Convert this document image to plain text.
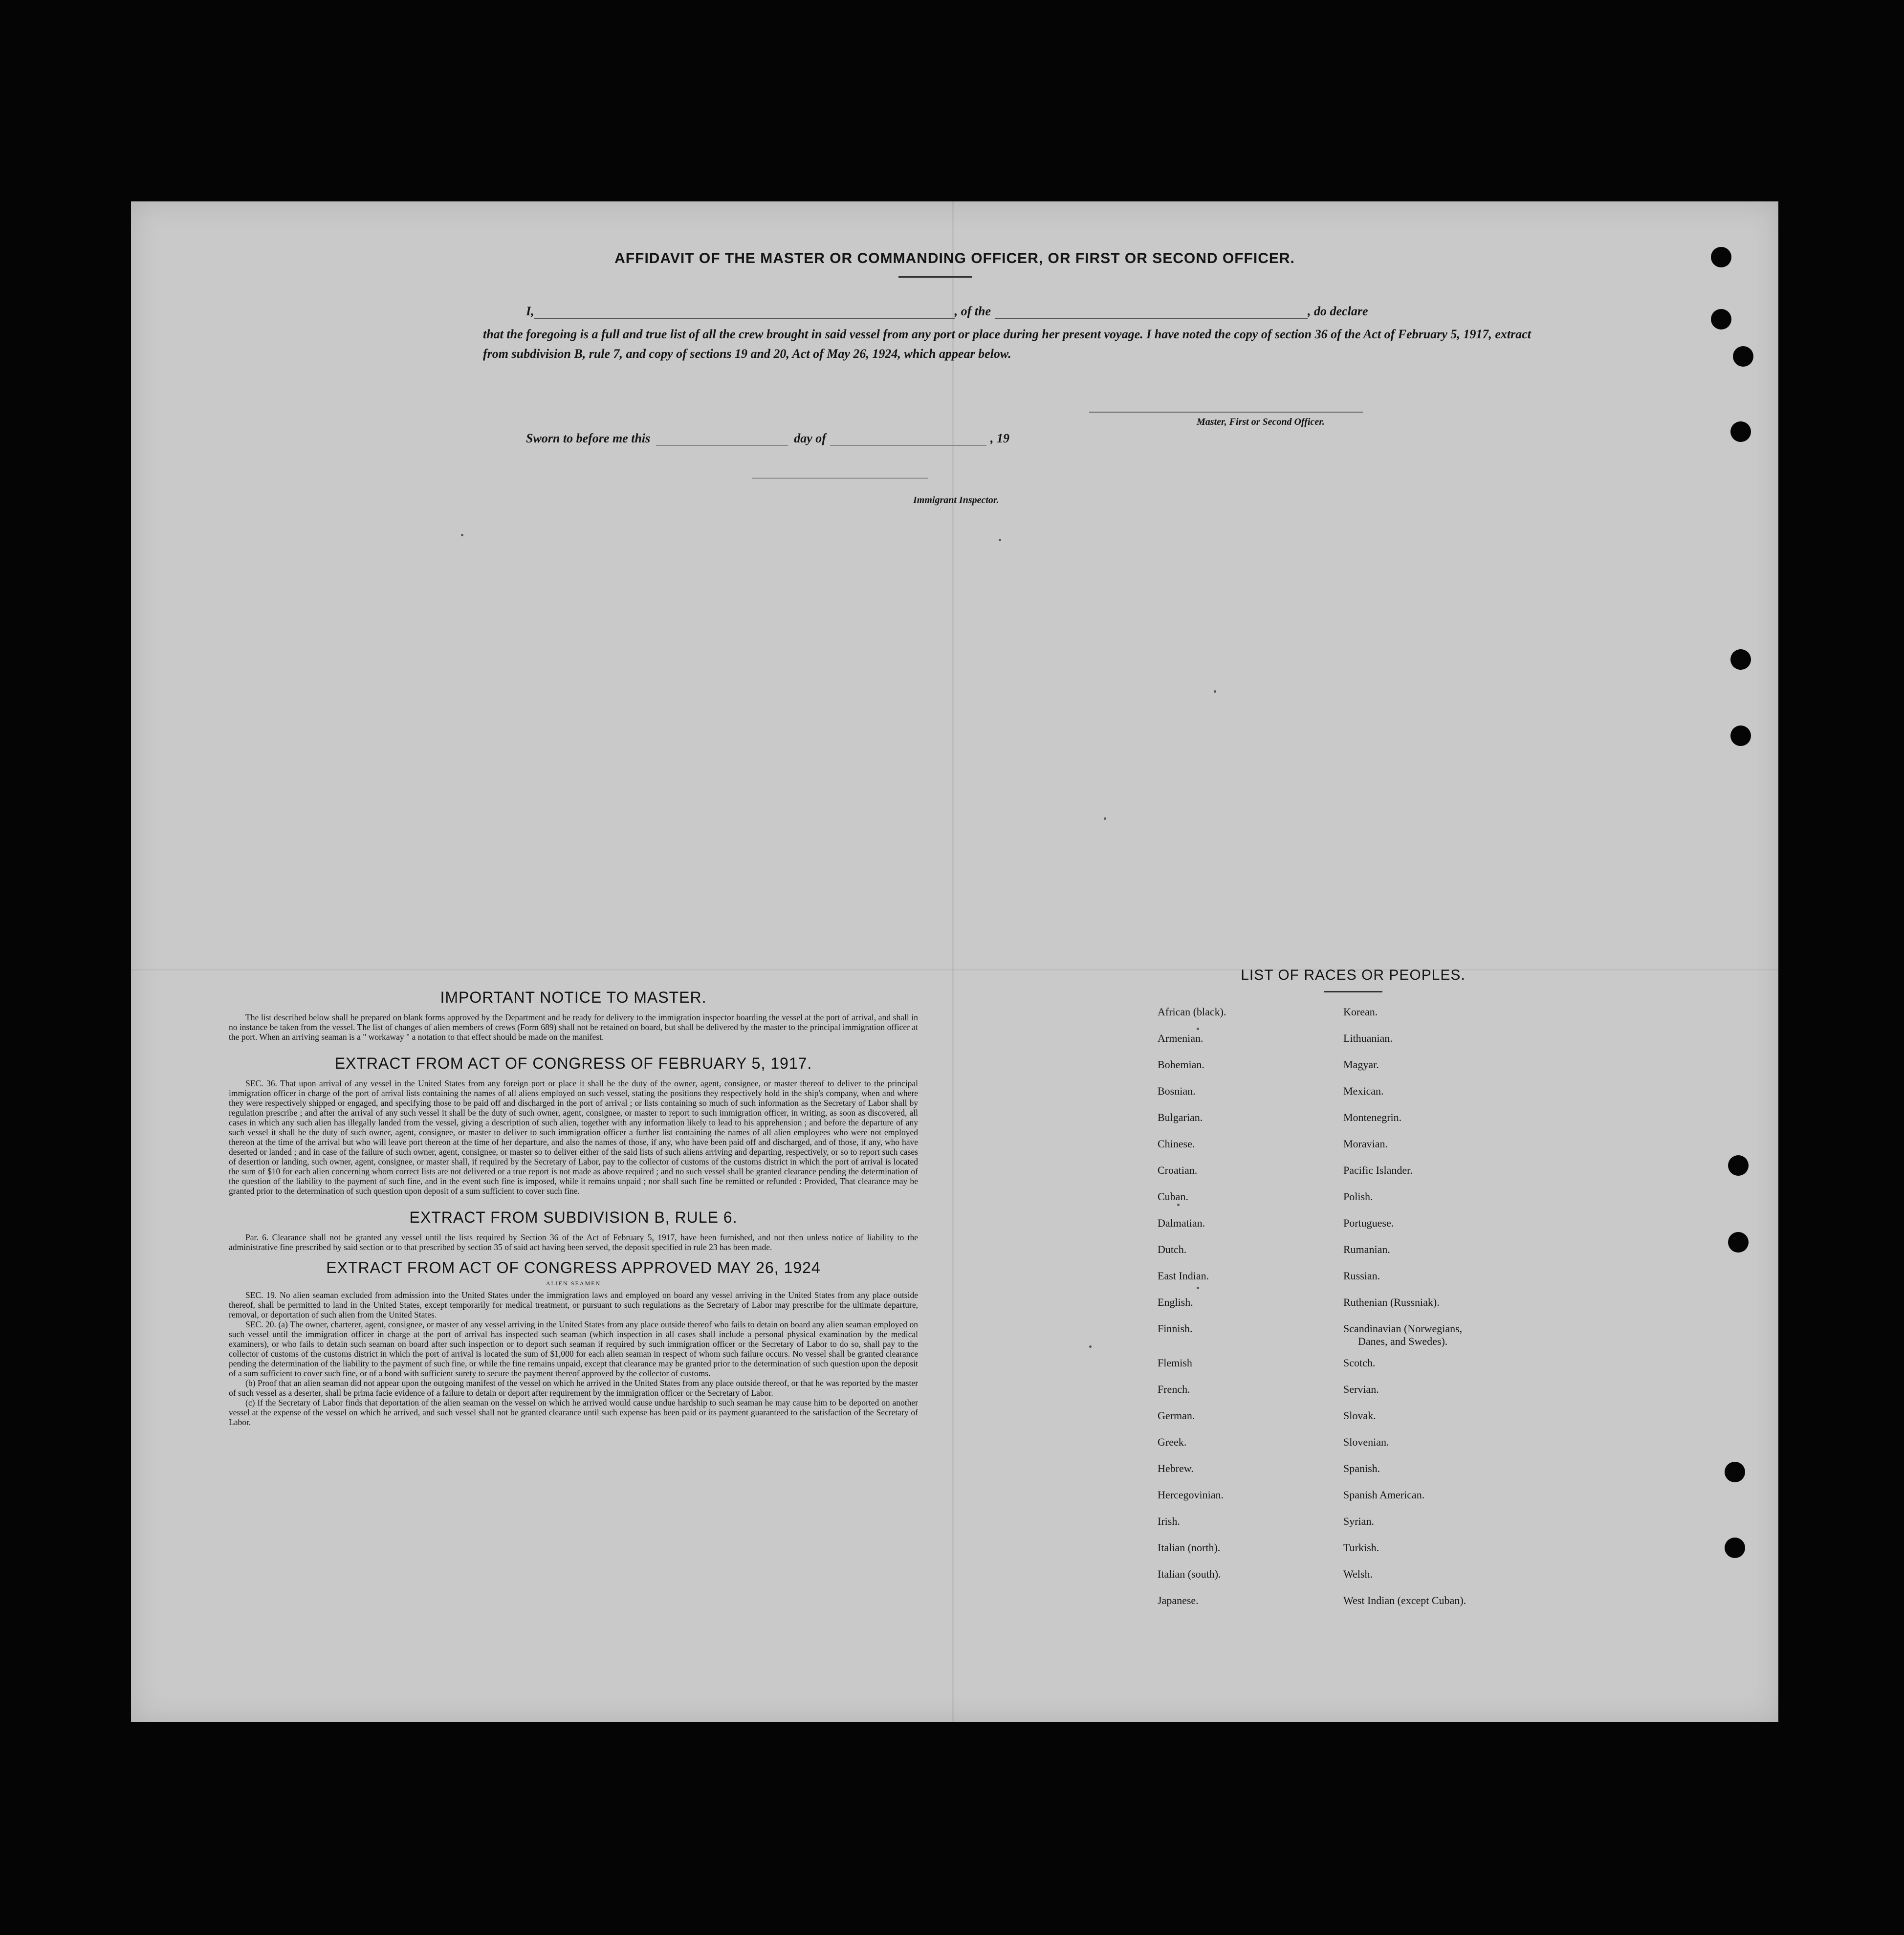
AFFIDAVIT OF THE MASTER OR COMMANDING OFFICER, OR FIRST OR SECOND OFFICER.
I,	, of the	, do declare
that the foregoing is a full and true list of all the crew brought in said vessel from any port or place during her present voyage. I have noted the copy of section 36 of the Act of February 5, 1917, extract from subdivision B, rule 7, and copy of sections 19 and 20, Act of May 26, 1924, which appear below.
Master, First or Second Officer.
Sworn to before me this	day of	, 19
Immigrant Inspector.
IMPORTANT NOTICE TO MASTER.

The list described below shall be prepared on blank forms approved by the Department and be ready for delivery to the immigration inspector boarding the vessel at the port of arrival, and shall in no instance be taken from the vessel. The list of changes of alien members of crews (Form 689) shall not be retained on board, but shall be delivered by the master to the principal immigration officer at the port. When an arriving seaman is a " workaway " a notation to that effect should be made on the manifest.

EXTRACT FROM ACT OF CONGRESS OF FEBRUARY 5, 1917.

SEC. 36. That upon arrival of any vessel in the United States from any foreign port or place it shall be the duty of the owner, agent, consignee, or master thereof to deliver to the principal immigration officer in charge of the port of arrival lists containing the names of all aliens employed on such vessel, stating the positions they respectively hold in the ship's company, when and where they were respectively shipped or engaged, and specifying those to be paid off and discharged in the port of arrival ; or lists containing so much of such information as the Secretary of Labor shall by regulation prescribe ; and after the arrival of any such vessel it shall be the duty of such owner, agent, consignee, or master to report to such immigration officer, in writing, as soon as discovered, all cases in which any such alien has illegally landed from the vessel, giving a description of such alien, together with any information likely to lead to his apprehension ; and before the departure of any such vessel it shall be the duty of such owner, agent, consignee, or master to deliver to such immigration officer a further list containing the names of all alien employees who were not employed thereon at the time of the arrival but who will leave port thereon at the time of her departure, and also the names of those, if any, who have been paid off and discharged, and of those, if any, who have deserted or landed ; and in case of the failure of such owner, agent, consignee, or master so to deliver either of the said lists of such aliens arriving and departing, respectively, or so to report such cases of desertion or landing, such owner, agent, consignee, or master shall, if required by the Secretary of Labor, pay to the collector of customs of the customs district in which the port of arrival is located the sum of $10 for each alien concerning whom correct lists are not delivered or a true report is not made as above required ; and no such vessel shall be granted clearance pending the determination of the question of the liability to the payment of such fine, and in the event such fine is imposed, while it remains unpaid ; nor shall such fine be remitted or refunded : Provided, That clearance may be granted prior to the determination of such question upon deposit of a sum sufficient to cover such fine.

EXTRACT FROM SUBDIVISION B, RULE 6.

Par. 6. Clearance shall not be granted any vessel until the lists required by Section 36 of the Act of February 5, 1917, have been furnished, and not then unless notice of liability to the administrative fine prescribed by said section or to that prescribed by section 35 of said act having been served, the deposit specified in rule 23 has been made.

EXTRACT FROM ACT OF CONGRESS APPROVED MAY 26, 1924
ALIEN SEAMEN

SEC. 19. No alien seaman excluded from admission into the United States under the immigration laws and employed on board any vessel arriving in the United States from any place outside thereof, shall be permitted to land in the United States, except temporarily for medical treatment, or pursuant to such regulations as the Secretary of Labor may prescribe for the ultimate departure, removal, or deportation of such alien from the United States.

SEC. 20. (a) The owner, charterer, agent, consignee, or master of any vessel arriving in the United States from any place outside thereof who fails to detain on board any alien seaman employed on such vessel until the immigration officer in charge at the port of arrival has inspected such seaman (which inspection in all cases shall include a personal physical examination by the medical examiners), or who fails to detain such seaman on board after such inspection or to deport such seaman if required by such immigration officer or the Secretary of Labor to do so, shall pay to the collector of customs of the customs district in which the port of arrival is located the sum of $1,000 for each alien seaman in respect of whom such failure occurs. No vessel shall be granted clearance pending the determination of the liability to the payment of such fine, or while the fine remains unpaid, except that clearance may be granted prior to the determination of such question upon the deposit of a sum sufficient to cover such fine, or of a bond with sufficient surety to secure the payment thereof approved by the collector of customs.

(b) Proof that an alien seaman did not appear upon the outgoing manifest of the vessel on which he arrived in the United States from any place outside thereof, or that he was reported by the master of such vessel as a deserter, shall be prima facie evidence of a failure to detain or deport after requirement by the immigration officer or the Secretary of Labor.

(c) If the Secretary of Labor finds that deportation of the alien seaman on the vessel on which he arrived would cause undue hardship to such seaman he may cause him to be deported on another vessel at the expense of the vessel on which he arrived, and such vessel shall not be granted clearance until such expense has been paid or its payment guaranteed to the satisfaction of the Secretary of Labor.

LIST OF RACES OR PEOPLES.
African (black).	Korean.
Armenian.	Lithuanian.
Bohemian.	Magyar.
Bosnian.	Mexican.
Bulgarian.	Montenegrin.
Chinese.	Moravian.
Croatian.	Pacific Islander.
Cuban.	Polish.
Dalmatian.	Portuguese.
Dutch.	Rumanian.
East Indian.	Russian.
English.	Ruthenian (Russniak).
Finnish.	Scandinavian (Norwegians,
Danes, and Swedes).
Flemish	Scotch.
French.	Servian.
German.	Slovak.
Greek.	Slovenian.
Hebrew.	Spanish.
Hercegovinian.	Spanish American.
Irish.	Syrian.
Italian (north).	Turkish.
Italian (south).	Welsh.
Japanese.	West Indian (except Cuban).
